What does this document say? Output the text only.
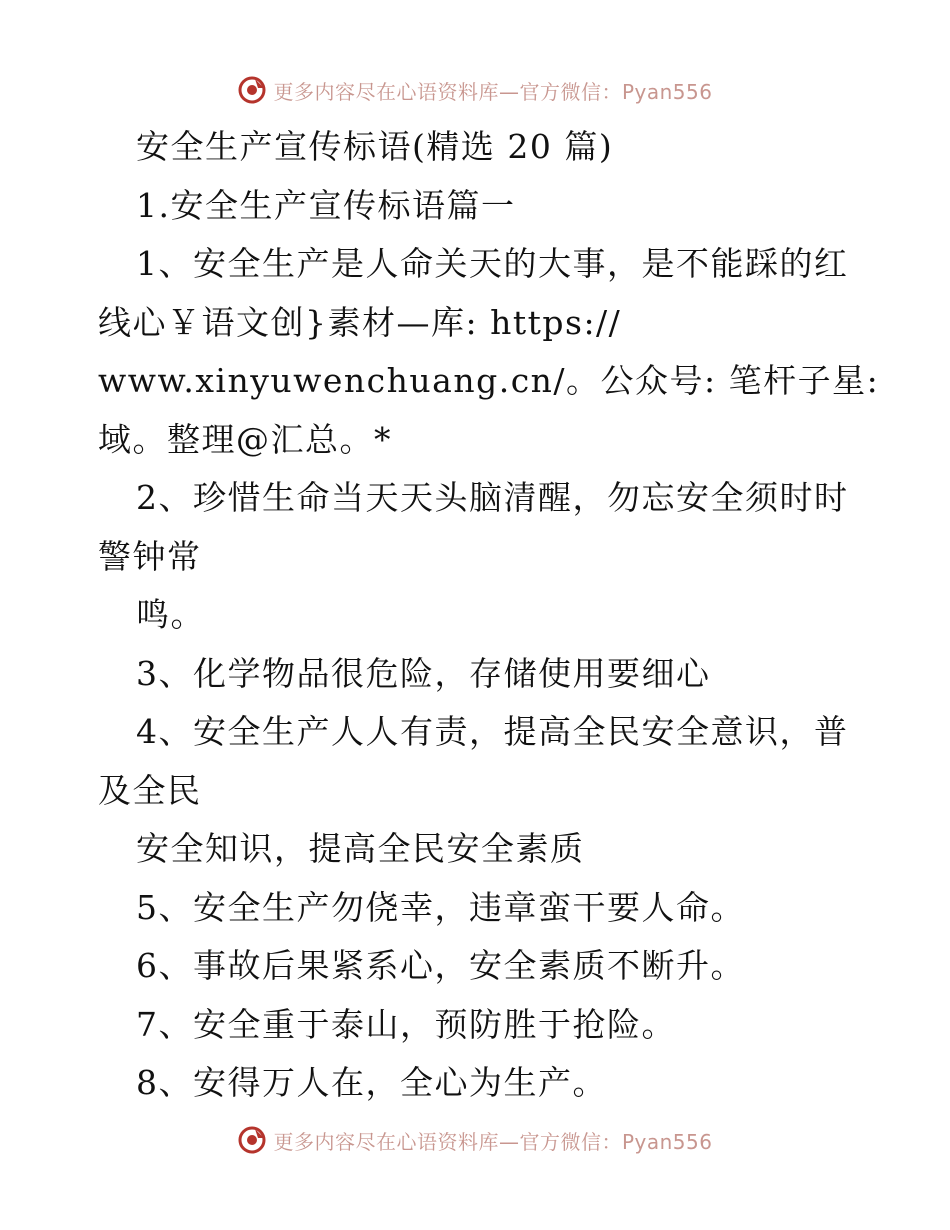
更多内容尽在心语资料库—官方微信：Pyan556
安全生产宣传标语(精选 20 篇)
1.安全生产宣传标语篇一
1、安全生产是人命关天的大事，是不能踩的红
线心￥语文创}素材—库: https://
www.xinyuwenchuang.cn/。公众号: 笔杆子星:
域。整理@汇总。*
2、珍惜生命当天天头脑清醒，勿忘安全须时时
警钟常
鸣。
3、化学物品很危险，存储使用要细心
4、安全生产人人有责，提高全民安全意识，普
及全民
安全知识，提高全民安全素质
5、安全生产勿侥幸，违章蛮干要人命。
6、事故后果紧系心，安全素质不断升。
7、安全重于泰山，预防胜于抢险。
8、安得万人在，全心为生产。
更多内容尽在心语资料库—官方微信：Pyan556
